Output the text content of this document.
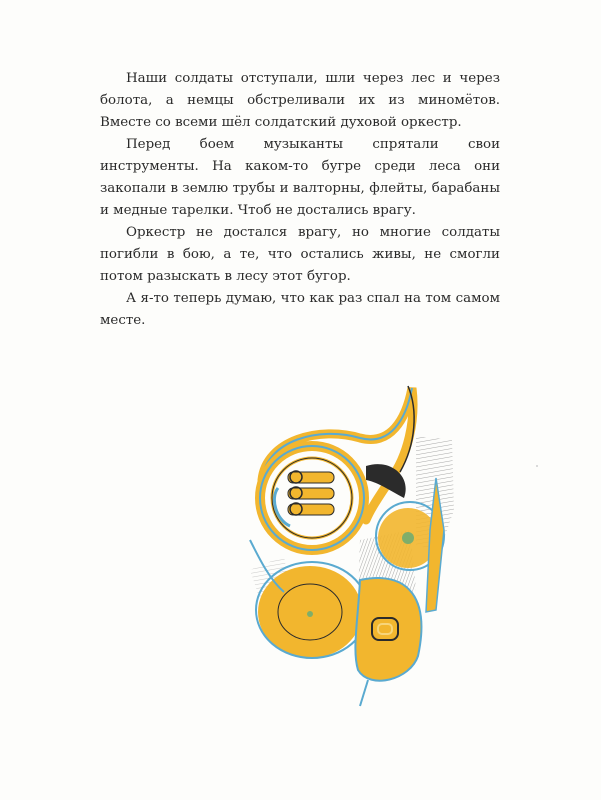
Наши солдаты отступали, шли через лес и через болота, а немцы обстреливали их из миномётов. Вместе со всеми шёл солдатский духовой оркестр.

Перед боем музыканты спрятали свои инструменты. На каком-то бугре среди леса они закопали в землю трубы и валторны, флейты, барабаны и медные тарелки. Чтоб не достались врагу.

Оркестр не достался врагу, но многие солдаты погибли в бою, а те, что остались живы, не смогли потом разыскать в лесу этот бугор.

А я-то теперь думаю, что как раз спал на том самом месте.
